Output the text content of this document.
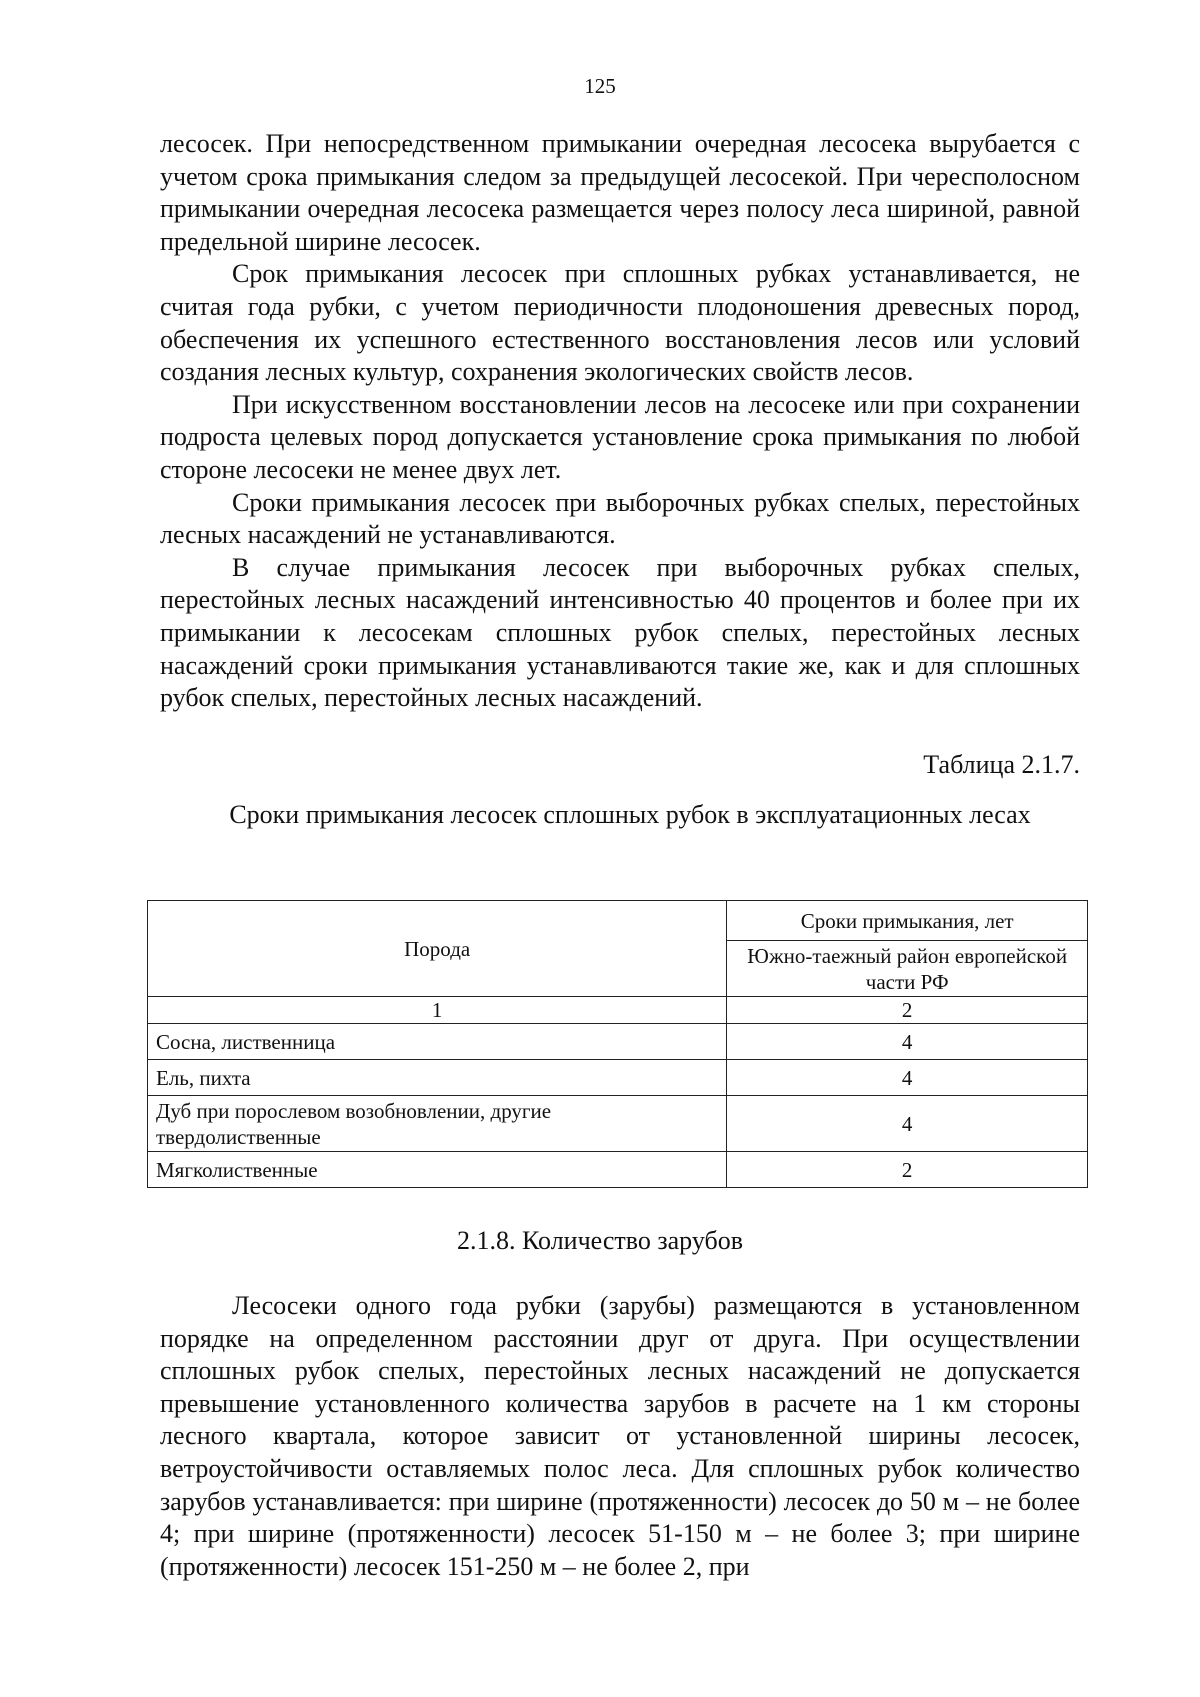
125

лесосек. При непосредственном примыкании очередная лесосека вырубается с учетом срока примыкания следом за предыдущей лесосекой. При чересполосном примыкании очередная лесосека размещается через полосу леса шириной, равной предельной ширине лесосек.

Срок примыкания лесосек при сплошных рубках устанавливается, не считая года рубки, с учетом периодичности плодоношения древесных пород, обеспечения их успешного естественного восстановления лесов или условий создания лесных культур, сохранения экологических свойств лесов.

При искусственном восстановлении лесов на лесосеке или при сохранении подроста целевых пород допускается установление срока примыкания по любой стороне лесосеки не менее двух лет.

Сроки примыкания лесосек при выборочных рубках спелых, перестойных лесных насаждений не устанавливаются.

В случае примыкания лесосек при выборочных рубках спелых, перестойных лесных насаждений интенсивностью 40 процентов и более при их примыкании к лесосекам сплошных рубок спелых, перестойных лесных насаждений сроки примыкания устанавливаются такие же, как и для сплошных рубок спелых, перестойных лесных насаждений.

Таблица 2.1.7.
Сроки примыкания лесосек сплошных рубок в эксплуатационных лесах
Порода	Сроки примыкания, лет
	Южно-таежный район европейской части РФ
1	2
Сосна, лиственница	4
Ель, пихта	4
Дуб при порослевом возобновлении, другие твердолиственные	4
Мягколиственные	2
2.1.8. Количество зарубов

Лесосеки одного года рубки (зарубы) размещаются в установленном порядке на определенном расстоянии друг от друга. При осуществлении сплошных рубок спелых, перестойных лесных насаждений не допускается превышение установленного количества зарубов в расчете на 1 км стороны лесного квартала, которое зависит от установленной ширины лесосек, ветроустойчивости оставляемых полос леса. Для сплошных рубок количество зарубов устанавливается: при ширине (протяженности) лесосек до 50 м – не более 4; при ширине (протяженности) лесосек 51-150 м – не более 3; при ширине (протяженности) лесосек 151-250 м – не более 2, при
